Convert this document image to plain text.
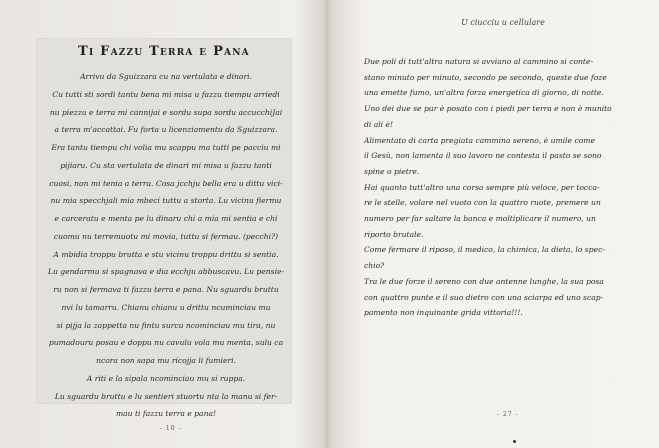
Ti Fazzu Terra e Pana
Arrivu da Sguizzara cu na vertulata e dinari.
Cu tutti sti sordi tantu bena mi misa u fazzu tiempu arriedi
nu piezzu e terra mi cannijai e sordu supa sordu accucchiJai
a terra m'accattai. Fu forta u licenziamentu da Sguizzara.
Era tantu tiempu chi volia mu scappu ma tutti pe pacciu mi
pijiaru. Cu sta vertulata de dinari mi misa u fazzu tanti
cuosi, non mi tenia a terra. Cosa jcchju bella era u dittu vici-
nu mia specchjali mia mbeci tuttu a storta. Lu vicinu fiermu
e carceratu e menta pe lu dinaru chi a mia mi sentia e chi
cuomu nu terremuotu mi movia, tuttu si fermau. (pecchi?)
A mbidia troppu brutta e stu vicinu troppu drittu si sentia.
Lu gendarmu si spagnava e dia ecchju abbuscavu. Lu pensie-
ru non si fermava ti fazzu terra e pana. Nu sguardu bruttu
nvi lu tamarru. Chianu chianu u drittu ncuminciau mu
si pijja la zappetta nu fintu surcu ncominciau mu tira, nu
pumadouru posau e doppu nu cavulu vola mu menta, sulu ca
ncora non sapa mu ricojja li fumieri.
A riti e la sipala ncominciau mu si ruppa.
Lu sguardu bruttu e lu sentieri stuortu nta la manu si fer-
mau ti fazzu terra e pana!
- 10 -
U ciucciu u cellulare
Due poli di tutt'altra natura si avviano al cammino si conte-
stano minuto per minuto, secondo pe secondo, queste due foze
una emette fumo, un'altra forza energetica di giorno, di notte.
Uno dei due se pur è posato con i piedi per terra e non è munito
di ali è!
Alimentato di carta pregiata cammina sereno, è umile come
il Gesù, non lamenta il suo lavoro ne contesta il pasto se sono
spine o pietre.
Hai quanto tutt'altro una corsa sempre più veloce, per tocca-
re le stelle, volare nel vuoto con la quattro ruote, premere un
numero per far saltare la banca e moltiplicare il numero, un
riporto brutale.
Come fermare il riposo, il medico, la chimica, la dieta, lo spec-
chio?
Tra le due forze il sereno con due antenne lunghe, la sua posa
con quattro punte e il suo dietro con una sciarpa ed uno scap-
pamento non inquinante grida vittoria!!!.
- 27 -
